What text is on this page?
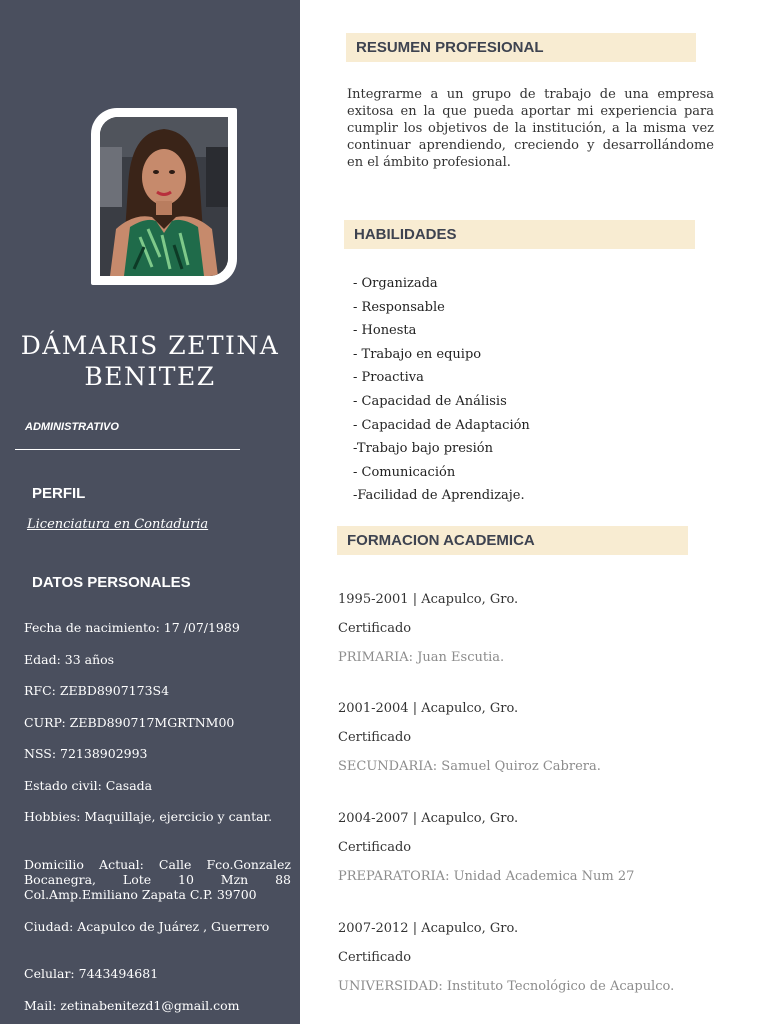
DÁMARIS ZETINA BENITEZ
ADMINISTRATIVO
PERFIL
Licenciatura en Contaduria
DATOS PERSONALES
Fecha de nacimiento: 17 /07/1989
Edad: 33 años
RFC: ZEBD8907173S4
CURP: ZEBD890717MGRTNM00
NSS: 72138902993
Estado civil: Casada
Hobbies: Maquillaje, ejercicio y cantar.
Domicilio Actual: Calle Fco.Gonzalez Bocanegra, Lote 10 Mzn 88 Col.Amp.Emiliano Zapata C.P. 39700
Ciudad: Acapulco de Juárez , Guerrero
Celular: 7443494681
Mail: zetinabenitezd1@gmail.com
RESUMEN PROFESIONAL
Integrarme a un grupo de trabajo de una empresa exitosa en la que pueda aportar mi experiencia para cumplir los objetivos de la institución, a la misma vez continuar aprendiendo, creciendo y desarrollándome en el ámbito profesional.
HABILIDADES
- Organizada
- Responsable
- Honesta
- Trabajo en equipo
- Proactiva
- Capacidad de Análisis
- Capacidad de Adaptación
-Trabajo bajo presión
- Comunicación
-Facilidad de Aprendizaje.
FORMACION ACADEMICA
1995-2001 | Acapulco, Gro.
Certificado
PRIMARIA: Juan Escutia.
2001-2004 | Acapulco, Gro.
Certificado
SECUNDARIA: Samuel Quiroz Cabrera.
2004-2007 | Acapulco, Gro.
Certificado
PREPARATORIA: Unidad Academica Num 27
2007-2012 | Acapulco, Gro.
Certificado
UNIVERSIDAD: Instituto Tecnológico de Acapulco.
